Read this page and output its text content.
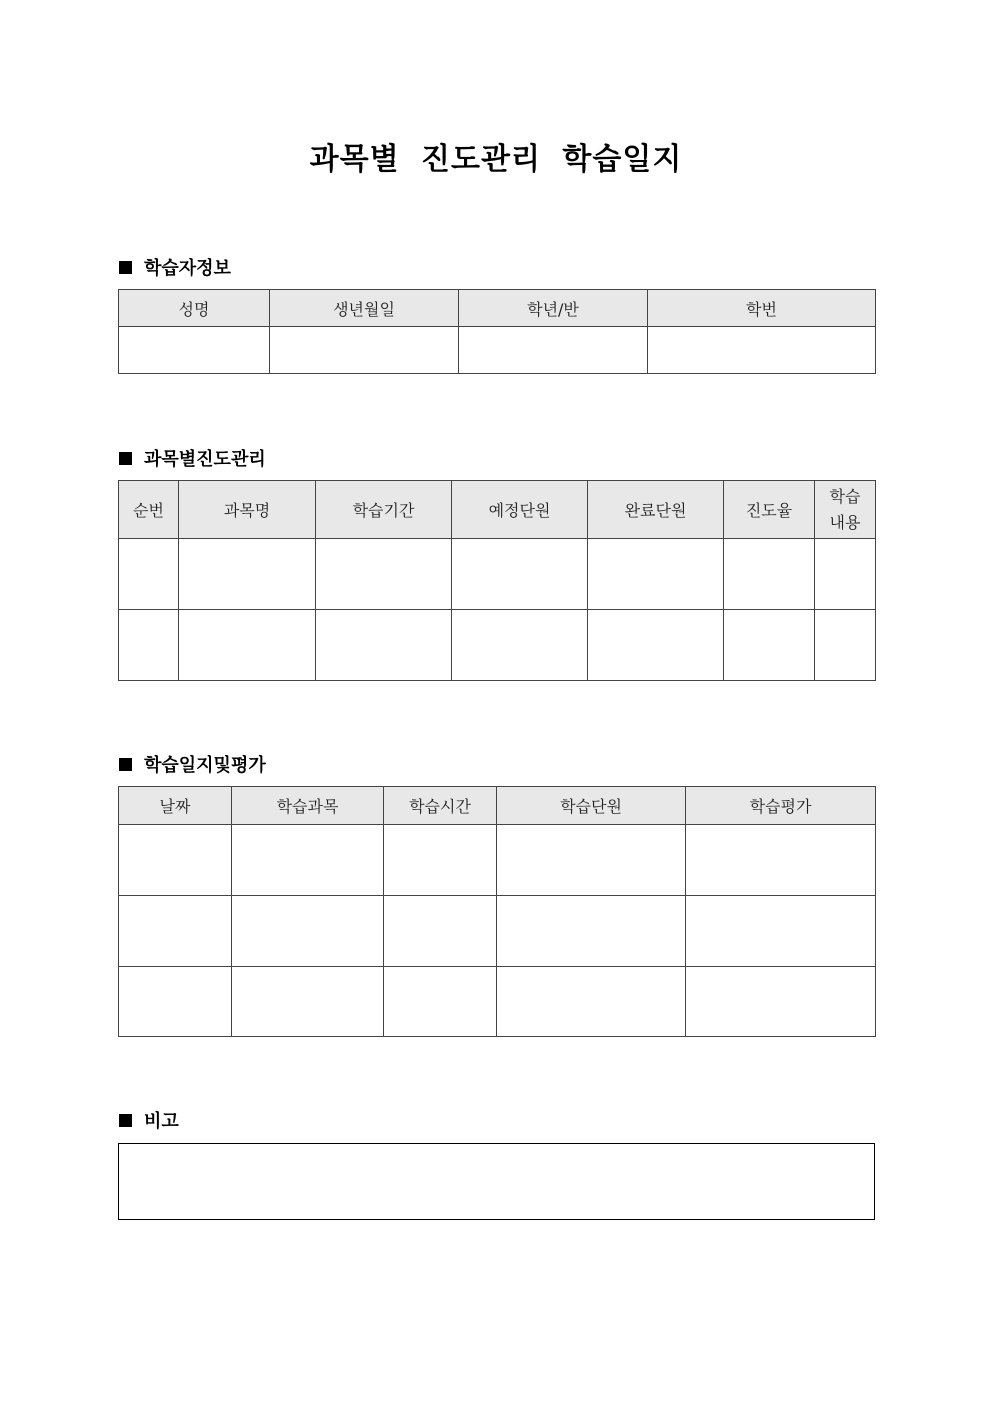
과목별 진도관리 학습일지
학습자정보
성명	생년월일	학년/반	학번

과목별진도관리
순번	과목명	학습기간	예정단원	완료단원	진도율	학습
내용

학습일지및평가
날짜	학습과목	학습시간	학습단원	학습평가

비고
